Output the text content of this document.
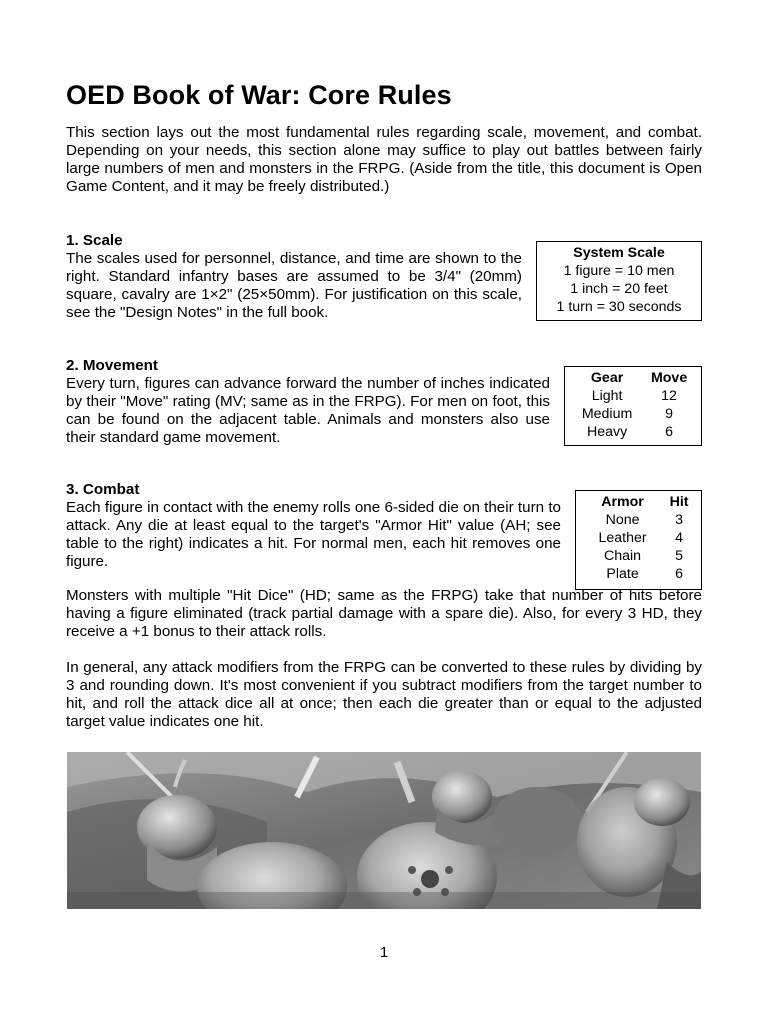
OED Book of War: Core Rules

This section lays out the most fundamental rules regarding scale, movement, and combat. Depending on your needs, this section alone may suffice to play out battles between fairly large numbers of men and monsters in the FRPG. (Aside from the title, this document is Open Game Content, and it may be freely distributed.)

1. Scale
The scales used for personnel, distance, and time are shown to the right. Standard infantry bases are assumed to be 3/4" (20mm) square, cavalry are 1×2" (25×50mm). For justification on this scale, see the "Design Notes" in the full book.
System Scale
1 figure = 10 men
1 inch = 20 feet
1 turn = 30 seconds
2. Movement
Every turn, figures can advance forward the number of inches indicated by their "Move" rating (MV; same as in the FRPG). For men on foot, this can be found on the adjacent table. Animals and monsters also use their standard game movement.
Gear	Move
Light	12
Medium	9
Heavy	6
3. Combat
Each figure in contact with the enemy rolls one 6-sided die on their turn to attack. Any die at least equal to the target's "Armor Hit" value (AH; see table to the right) indicates a hit. For normal men, each hit removes one figure.
Armor	Hit
None	3
Leather	4
Chain	5
Plate	6

Monsters with multiple "Hit Dice" (HD; same as the FRPG) take that number of hits before having a figure eliminated (track partial damage with a spare die). Also, for every 3 HD, they receive a +1 bonus to their attack rolls.

In general, any attack modifiers from the FRPG can be converted to these rules by dividing by 3 and rounding down. It's most convenient if you subtract modifiers from the target number to hit, and roll the attack dice all at once; then each die greater than or equal to the adjusted target value indicates one hit.

1
